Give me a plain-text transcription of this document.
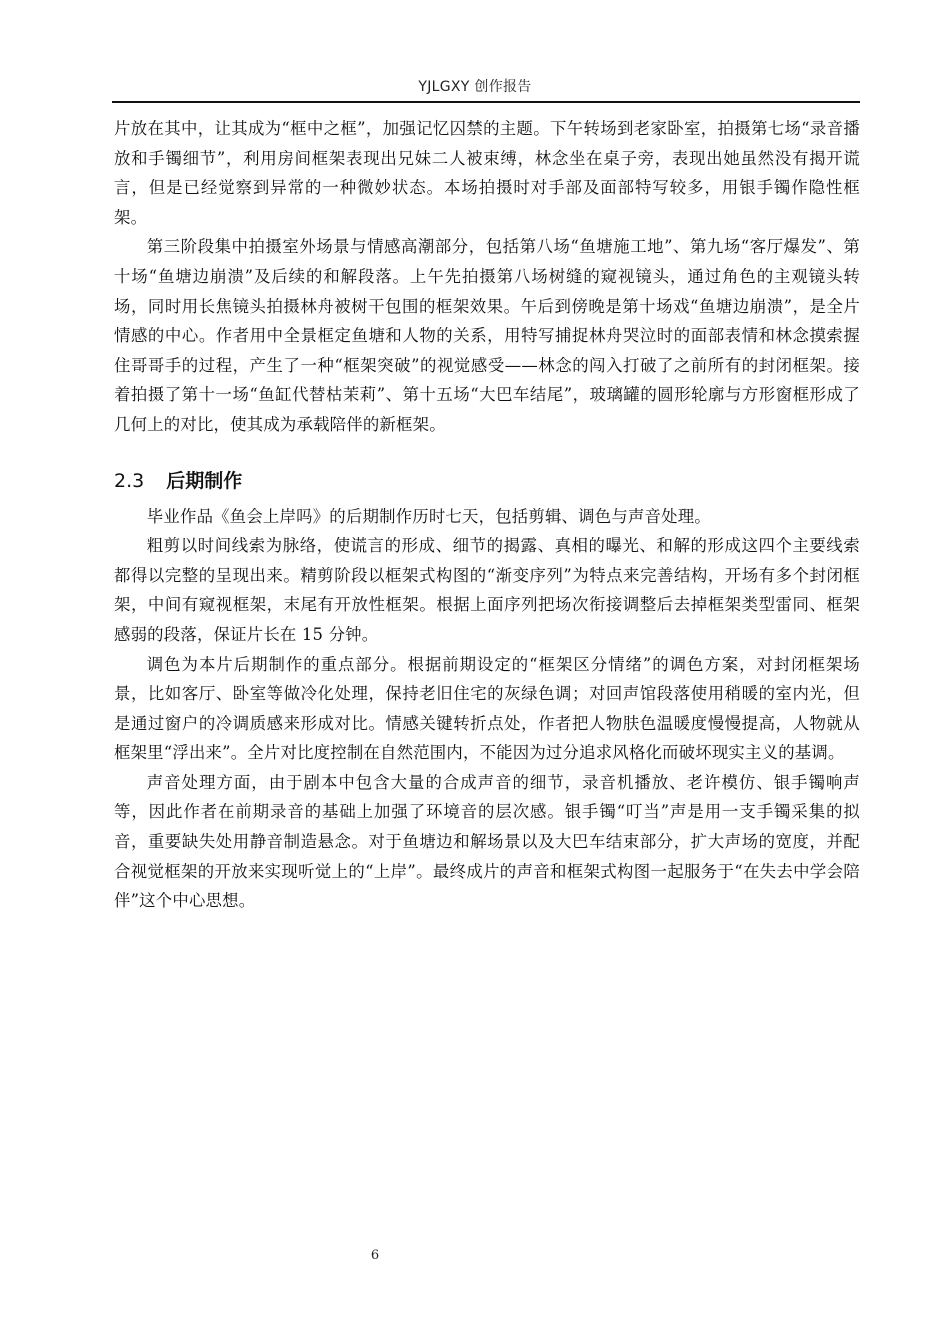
YJLGXY 创作报告

片放在其中，让其成为“框中之框”，加强记忆囚禁的主题。下午转场到老家卧室，拍摄第七场“录音播放和手镯细节”，利用房间框架表现出兄妹二人被束缚，林念坐在桌子旁，表现出她虽然没有揭开谎言，但是已经觉察到异常的一种微妙状态。本场拍摄时对手部及面部特写较多，用银手镯作隐性框架。

第三阶段集中拍摄室外场景与情感高潮部分，包括第八场“鱼塘施工地”、第九场“客厅爆发”、第十场“鱼塘边崩溃”及后续的和解段落。上午先拍摄第八场树缝的窥视镜头，通过角色的主观镜头转场，同时用长焦镜头拍摄林舟被树干包围的框架效果。午后到傍晚是第十场戏“鱼塘边崩溃”，是全片情感的中心。作者用中全景框定鱼塘和人物的关系，用特写捕捉林舟哭泣时的面部表情和林念摸索握住哥哥手的过程，产生了一种“框架突破”的视觉感受——林念的闯入打破了之前所有的封闭框架。接着拍摄了第十一场“鱼缸代替枯茉莉”、第十五场“大巴车结尾”，玻璃罐的圆形轮廓与方形窗框形成了几何上的对比，使其成为承载陪伴的新框架。

2.3 后期制作

毕业作品《鱼会上岸吗》的后期制作历时七天，包括剪辑、调色与声音处理。

粗剪以时间线索为脉络，使谎言的形成、细节的揭露、真相的曝光、和解的形成这四个主要线索都得以完整的呈现出来。精剪阶段以框架式构图的“渐变序列”为特点来完善结构，开场有多个封闭框架，中间有窥视框架，末尾有开放性框架。根据上面序列把场次衔接调整后去掉框架类型雷同、框架感弱的段落，保证片长在 15 分钟。

调色为本片后期制作的重点部分。根据前期设定的“框架区分情绪”的调色方案，对封闭框架场景，比如客厅、卧室等做冷化处理，保持老旧住宅的灰绿色调；对回声馆段落使用稍暖的室内光，但是通过窗户的冷调质感来形成对比。情感关键转折点处，作者把人物肤色温暖度慢慢提高，人物就从框架里“浮出来”。全片对比度控制在自然范围内，不能因为过分追求风格化而破坏现实主义的基调。

声音处理方面，由于剧本中包含大量的合成声音的细节，录音机播放、老许模仿、银手镯响声等，因此作者在前期录音的基础上加强了环境音的层次感。银手镯“叮当”声是用一支手镯采集的拟音，重要缺失处用静音制造悬念。对于鱼塘边和解场景以及大巴车结束部分，扩大声场的宽度，并配合视觉框架的开放来实现听觉上的“上岸”。最终成片的声音和框架式构图一起服务于“在失去中学会陪伴”这个中心思想。

6
